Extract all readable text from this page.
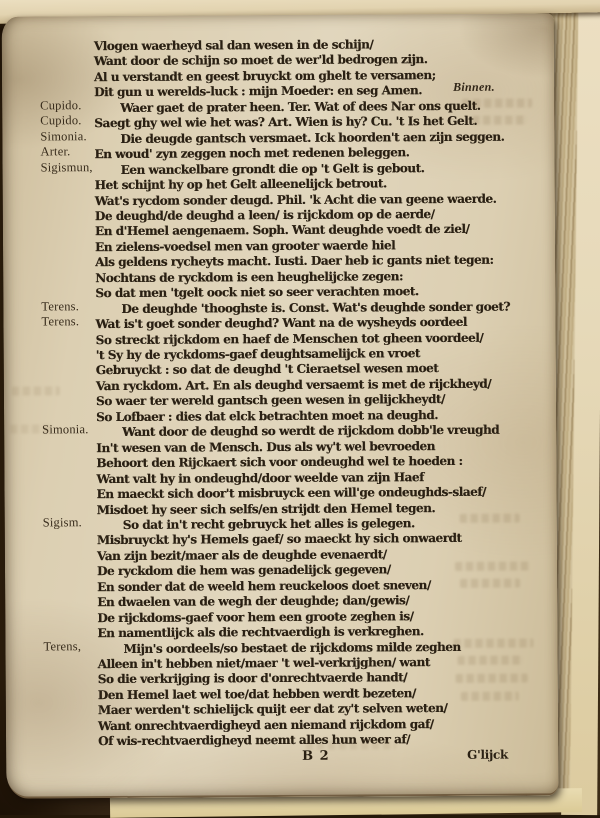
Vlogen waerheyd sal dan wesen in de schijn/
Want door de schijn so moet de wer'ld bedrogen zijn.
Al u verstandt en geest bruyckt om ghelt te versamen;
Dit gun u werelds-luck : mijn Moeder: en seg Amen.	Binnen.
Cupido.	Waer gaet de prater heen. Ter. Wat of dees Nar ons quelt.
Cupido. Saegt ghy wel wie het was? Art. Wien is hy? Cu. 't Is het Gelt.
Simonia.	Die deugde gantsch versmaet. Ick hoorden't aen zijn seggen.
Arter. En woud' zyn zeggen noch met redenen beleggen.
Sigismun, Een wanckelbare grondt die op 't Gelt is gebout.
Het schijnt hy op het Gelt alleenelijck betrout.
Wat's rycdom sonder deugd. Phil. 'k Acht die van geene waerde.
De deughd/de deughd a leen/ is rijckdom op de aerde/
En d'Hemel aengenaem. Soph. Want deughde voedt de ziel/
En zielens-voedsel men van grooter waerde hiel
Als geldens rycheyts macht. Iusti. Daer heb ic gants niet tegen:
Nochtans de ryckdom is een heughelijcke zegen:
So dat men 'tgelt oock niet so seer verachten moet.
Terens.	De deughde 'thooghste is. Const. Wat's deughde sonder goet?
Terens. Wat is't goet sonder deughd? Want na de wysheyds oordeel
So streckt rijckdom en haef de Menschen tot gheen voordeel/
't Sy hy de ryckdoms-gaef deughtsamelijck en vroet
Gebruyckt : so dat de deughd 't Cieraetsel wesen moet
Van ryckdom. Art. En als deughd versaemt is met de rijckheyd/
So waer ter wereld gantsch geen wesen in gelijckheydt/
So Lofbaer : dies dat elck betrachten moet na deughd.
Simonia.	Want door de deughd so werdt de rijckdom dobb'le vreughd
In't wesen van de Mensch. Dus als wy't wel bevroeden
Behoort den Rijckaert sich voor ondeughd wel te hoeden :
Want valt hy in ondeughd/door weelde van zijn Haef
En maeckt sich door't misbruyck een will'ge ondeughds-slaef/
Misdoet hy seer sich selfs/en strijdt den Hemel tegen.
Sigism.	So dat in't recht gebruyck het alles is gelegen.
Misbruyckt hy's Hemels gaef/ so maeckt hy sich onwaerdt
Van zijn bezit/maer als de deughde evenaerdt/
De ryckdom die hem was genadelijck gegeven/
En sonder dat de weeld hem reuckeloos doet sneven/
En dwaelen van de wegh der deughde; dan/gewis/
De rijckdoms-gaef voor hem een groote zeghen is/
En namentlijck als die rechtvaerdigh is verkreghen.
Terens,	Mijn's oordeels/so bestaet de rijckdoms milde zeghen
Alleen in't hebben niet/maer 't wel-verkrijghen/ want
So die verkrijging is door d'onrechtvaerde handt/
Den Hemel laet wel toe/dat hebben werdt bezeten/
Maer werden't schielijck quijt eer dat zy't selven weten/
Want onrechtvaerdigheyd aen niemand rijckdom gaf/
Of wis-rechtvaerdigheyd neemt alles hun weer af/
B 2	G'lijck
